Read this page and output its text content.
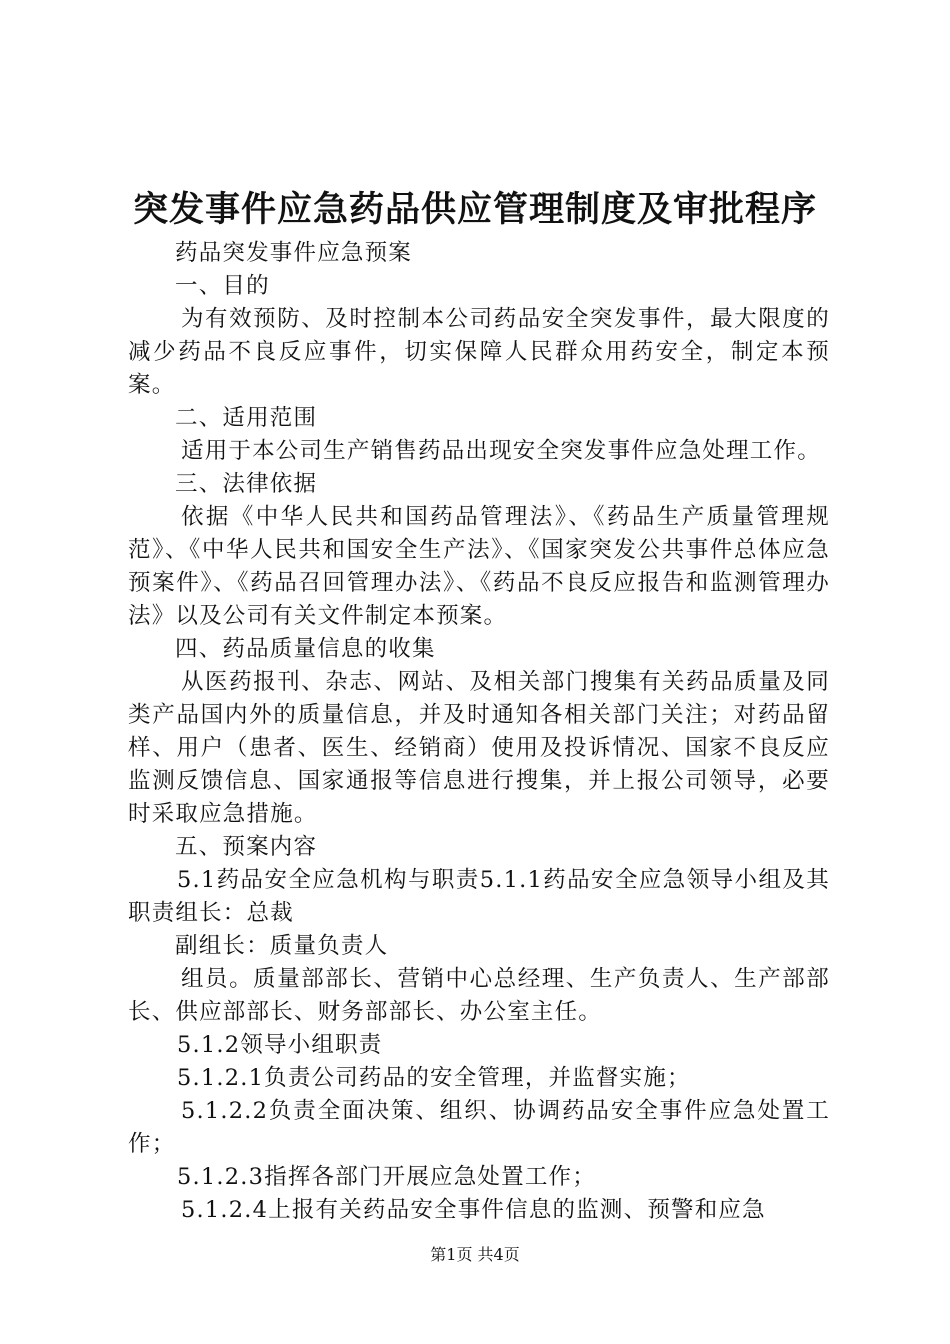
突发事件应急药品供应管理制度及审批程序

药品突发事件应急预案

一、目的

为有效预防、及时控制本公司药品安全突发事件，最大限度的减少药品不良反应事件，切实保障人民群众用药安全，制定本预案。

二、适用范围

适用于本公司生产销售药品出现安全突发事件应急处理工作。

三、法律依据

依据《中华人民共和国药品管理法》、《药品生产质量管理规范》、《中华人民共和国安全生产法》、《国家突发公共事件总体应急预案件》、《药品召回管理办法》、《药品不良反应报告和监测管理办法》以及公司有关文件制定本预案。

四、药品质量信息的收集

从医药报刊、杂志、网站、及相关部门搜集有关药品质量及同类产品国内外的质量信息，并及时通知各相关部门关注；对药品留样、用户（患者、医生、经销商）使用及投诉情况、国家不良反应监测反馈信息、国家通报等信息进行搜集，并上报公司领导，必要时采取应急措施。

五、预案内容

5.1药品安全应急机构与职责5.1.1药品安全应急领导小组及其职责组长：总裁

副组长：质量负责人

组员。质量部部长、营销中心总经理、生产负责人、生产部部长、供应部部长、财务部部长、办公室主任。

5.1.2领导小组职责

5.1.2.1负责公司药品的安全管理，并监督实施；

5.1.2.2负责全面决策、组织、协调药品安全事件应急处置工作；

5.1.2.3指挥各部门开展应急处置工作；

5.1.2.4上报有关药品安全事件信息的监测、预警和应急

第1页 共4页
